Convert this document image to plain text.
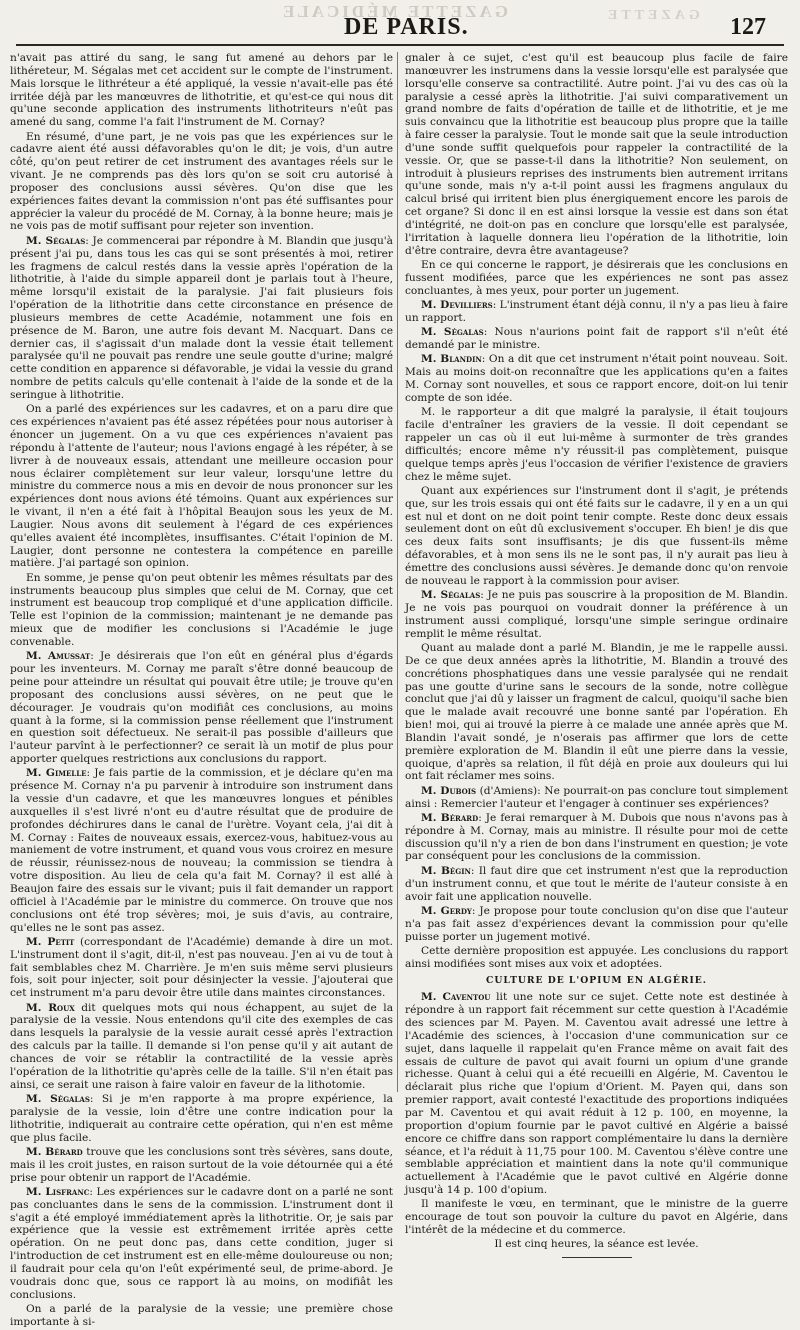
GAZETTE MÉDICALE	GAZETTE
DE PARIS.	127

n'avait pas attiré du sang, le sang fut amené au dehors par le lithéreteur, M. Ségalas met cet accident sur le compte de l'instrument. Mais lorsque le lithréteur a été appliqué, la vessie n'avait-elle pas été irritée déjà par les manœuvres de lithotritie, et qu'est-ce qui nous dit qu'une seconde application des instruments lithotriteurs n'eût pas amené du sang, comme l'a fait l'instrument de M. Cornay?

En résumé, d'une part, je ne vois pas que les expériences sur le cadavre aient été aussi défavorables qu'on le dit; je vois, d'un autre côté, qu'on peut retirer de cet instrument des avantages réels sur le vivant. Je ne comprends pas dès lors qu'on se soit cru autorisé à proposer des conclusions aussi sévères. Qu'on dise que les expériences faites devant la commission n'ont pas été suffisantes pour apprécier la valeur du procédé de M. Cornay, à la bonne heure; mais je ne vois pas de motif suffisant pour rejeter son invention.

M. Ségalas: Je commencerai par répondre à M. Blandin que jusqu'à présent j'ai pu, dans tous les cas qui se sont présentés à moi, retirer les fragmens de calcul restés dans la vessie après l'opération de la lithotritie, à l'aide du simple appareil dont je parlais tout à l'heure, même lorsqu'il existait de la paralysie. J'ai fait plusieurs fois l'opération de la lithotritie dans cette circonstance en présence de plusieurs membres de cette Académie, notamment une fois en présence de M. Baron, une autre fois devant M. Nacquart. Dans ce dernier cas, il s'agissait d'un malade dont la vessie était tellement paralysée qu'il ne pouvait pas rendre une seule goutte d'urine; malgré cette condition en apparence si défavorable, je vidai la vessie du grand nombre de petits calculs qu'elle contenait à l'aide de la sonde et de la seringue à lithotritie.

On a parlé des expériences sur les cadavres, et on a paru dire que ces expériences n'avaient pas été assez répétées pour nous autoriser à énoncer un jugement. On a vu que ces expériences n'avaient pas répondu à l'attente de l'auteur; nous l'avions engagé à les répéter, à se livrer à de nouveaux essais, attendant une meilleure occasion pour nous éclairer complètement sur leur valeur, lorsqu'une lettre du ministre du commerce nous a mis en devoir de nous prononcer sur les expériences dont nous avions été témoins. Quant aux expériences sur le vivant, il n'en a été fait à l'hôpital Beaujon sous les yeux de M. Laugier. Nous avons dit seulement à l'égard de ces expériences qu'elles avaient été incomplètes, insuffisantes. C'était l'opinion de M. Laugier, dont personne ne contestera la compétence en pareille matière. J'ai partagé son opinion.

En somme, je pense qu'on peut obtenir les mêmes résultats par des instruments beaucoup plus simples que celui de M. Cornay, que cet instrument est beaucoup trop compliqué et d'une application difficile. Telle est l'opinion de la commission; maintenant je ne demande pas mieux que de modifier les conclusions si l'Académie le juge convenable.

M. Amussat: Je désirerais que l'on eût en général plus d'égards pour les inventeurs. M. Cornay me paraît s'être donné beaucoup de peine pour atteindre un résultat qui pouvait être utile; je trouve qu'en proposant des conclusions aussi sévères, on ne peut que le décourager. Je voudrais qu'on modifiât ces conclusions, au moins quant à la forme, si la commission pense réellement que l'instrument en question soit défectueux. Ne serait-il pas possible d'ailleurs que l'auteur parvînt à le perfectionner? ce serait là un motif de plus pour apporter quelques restrictions aux conclusions du rapport.

M. Gimelle: Je fais partie de la commission, et je déclare qu'en ma présence M. Cornay n'a pu parvenir à introduire son instrument dans la vessie d'un cadavre, et que les manœuvres longues et pénibles auxquelles il s'est livré n'ont eu d'autre résultat que de produire de profondes déchirures dans le canal de l'urètre. Voyant cela, j'ai dit à M. Cornay : Faites de nouveaux essais, exercez-vous, habituez-vous au maniement de votre instrument, et quand vous vous croirez en mesure de réussir, réunissez-nous de nouveau; la commission se tiendra à votre disposition. Au lieu de cela qu'a fait M. Cornay? il est allé à Beaujon faire des essais sur le vivant; puis il fait demander un rapport officiel à l'Académie par le ministre du commerce. On trouve que nos conclusions ont été trop sévères; moi, je suis d'avis, au contraire, qu'elles ne le sont pas assez.

M. Petit (correspondant de l'Académie) demande à dire un mot. L'instrument dont il s'agit, dit-il, n'est pas nouveau. J'en ai vu de tout à fait semblables chez M. Charrière. Je m'en suis même servi plusieurs fois, soit pour injecter, soit pour désinjecter la vessie. J'ajouterai que cet instrument m'a paru devoir être utile dans maintes circonstances.

M. Roux dit quelques mots qui nous échappent, au sujet de la paralysie de la vessie. Nous entendons qu'il cite des exemples de cas dans lesquels la paralysie de la vessie aurait cessé après l'extraction des calculs par la taille. Il demande si l'on pense qu'il y ait autant de chances de voir se rétablir la contractilité de la vessie après l'opération de la lithotritie qu'après celle de la taille. S'il n'en était pas ainsi, ce serait une raison à faire valoir en faveur de la lithotomie.

M. Ségalas: Si je m'en rapporte à ma propre expérience, la paralysie de la vessie, loin d'être une contre indication pour la lithotritie, indiquerait au contraire cette opération, qui n'en est même que plus facile.

M. Bérard trouve que les conclusions sont très sévères, sans doute, mais il les croit justes, en raison surtout de la voie détournée qui a été prise pour obtenir un rapport de l'Académie.

M. Lisfranc: Les expériences sur le cadavre dont on a parlé ne sont pas concluantes dans le sens de la commission. L'instrument dont il s'agit a été employé immédiatement après la lithotritie. Or, je sais par expérience que la vessie est extrêmement irritée après cette opération. On ne peut donc pas, dans cette condition, juger si l'introduction de cet instrument est en elle-même douloureuse ou non; il faudrait pour cela qu'on l'eût expérimenté seul, de prime-abord. Je voudrais donc que, sous ce rapport là au moins, on modifiât les conclusions.

On a parlé de la paralysie de la vessie; une première chose importante à si-

gnaler à ce sujet, c'est qu'il est beaucoup plus facile de faire manœuvrer les instrumens dans la vessie lorsqu'elle est paralysée que lorsqu'elle conserve sa contractilité. Autre point. J'ai vu des cas où la paralysie a cessé après la lithotritie. J'ai suivi comparativement un grand nombre de faits d'opération de taille et de lithotritie, et je me suis convaincu que la lithotritie est beaucoup plus propre que la taille à faire cesser la paralysie. Tout le monde sait que la seule introduction d'une sonde suffit quelquefois pour rappeler la contractilité de la vessie. Or, que se passe-t-il dans la lithotritie? Non seulement, on introduit à plusieurs reprises des instruments bien autrement irritans qu'une sonde, mais n'y a-t-il point aussi les fragmens angulaux du calcul brisé qui irritent bien plus énergiquement encore les parois de cet organe? Si donc il en est ainsi lorsque la vessie est dans son état d'intégrité, ne doit-on pas en conclure que lorsqu'elle est paralysée, l'irritation à laquelle donnera lieu l'opération de la lithotritie, loin d'être contraire, devra être avantageuse?

En ce qui concerne le rapport, je désirerais que les conclusions en fussent modifiées, parce que les expériences ne sont pas assez concluantes, à mes yeux, pour porter un jugement.

M. Devilliers: L'instrument étant déjà connu, il n'y a pas lieu à faire un rapport.

M. Ségalas: Nous n'aurions point fait de rapport s'il n'eût été demandé par le ministre.

M. Blandin: On a dit que cet instrument n'était point nouveau. Soit. Mais au moins doit-on reconnaître que les applications qu'en a faites M. Cornay sont nouvelles, et sous ce rapport encore, doit-on lui tenir compte de son idée.

M. le rapporteur a dit que malgré la paralysie, il était toujours facile d'entraîner les graviers de la vessie. Il doit cependant se rappeler un cas où il eut lui-même à surmonter de très grandes difficultés; encore même n'y réussit-il pas complètement, puisque quelque temps après j'eus l'occasion de vérifier l'existence de graviers chez le même sujet.

Quant aux expériences sur l'instrument dont il s'agit, je prétends que, sur les trois essais qui ont été faits sur le cadavre, il y en a un qui est nul et dont on ne doit point tenir compte. Reste donc deux essais seulement dont on eût dû exclusivement s'occuper. Eh bien! je dis que ces deux faits sont insuffisants; je dis que fussent-ils même défavorables, et à mon sens ils ne le sont pas, il n'y aurait pas lieu à émettre des conclusions aussi sévères. Je demande donc qu'on renvoie de nouveau le rapport à la commission pour aviser.

M. Ségalas: Je ne puis pas souscrire à la proposition de M. Blandin. Je ne vois pas pourquoi on voudrait donner la préférence à un instrument aussi compliqué, lorsqu'une simple seringue ordinaire remplit le même résultat.

Quant au malade dont a parlé M. Blandin, je me le rappelle aussi. De ce que deux années après la lithotritie, M. Blandin a trouvé des concrétions phosphatiques dans une vessie paralysée qui ne rendait pas une goutte d'urine sans le secours de la sonde, notre collègue conclut que j'ai dû y laisser un fragment de calcul, quoiqu'il sache bien que le malade avait recouvré une bonne santé par l'opération. Eh bien! moi, qui ai trouvé la pierre à ce malade une année après que M. Blandin l'avait sondé, je n'oserais pas affirmer que lors de cette première exploration de M. Blandin il eût une pierre dans la vessie, quoique, d'après sa relation, il fût déjà en proie aux douleurs qui lui ont fait réclamer mes soins.

M. Dubois (d'Amiens): Ne pourrait-on pas conclure tout simplement ainsi : Remercier l'auteur et l'engager à continuer ses expériences?

M. Bérard: Je ferai remarquer à M. Dubois que nous n'avons pas à répondre à M. Cornay, mais au ministre. Il résulte pour moi de cette discussion qu'il n'y a rien de bon dans l'instrument en question; je vote par conséquent pour les conclusions de la commission.

M. Bégin: Il faut dire que cet instrument n'est que la reproduction d'un instrument connu, et que tout le mérite de l'auteur consiste à en avoir fait une application nouvelle.

M. Gerdy: Je propose pour toute conclusion qu'on dise que l'auteur n'a pas fait assez d'expériences devant la commission pour qu'elle puisse porter un jugement motivé.

Cette dernière proposition est appuyée. Les conclusions du rapport ainsi modifiées sont mises aux voix et adoptées.

CULTURE DE L'OPIUM EN ALGÉRIE.

M. Caventou lit une note sur ce sujet. Cette note est destinée à répondre à un rapport fait récemment sur cette question à l'Académie des sciences par M. Payen. M. Caventou avait adressé une lettre à l'Académie des sciences, à l'occasion d'une communication sur ce sujet, dans laquelle il rappelait qu'en France même on avait fait des essais de culture de pavot qui avait fourni un opium d'une grande richesse. Quant à celui qui a été recueilli en Algérie, M. Caventou le déclarait plus riche que l'opium d'Orient. M. Payen qui, dans son premier rapport, avait contesté l'exactitude des proportions indiquées par M. Caventou et qui avait réduit à 12 p. 100, en moyenne, la proportion d'opium fournie par le pavot cultivé en Algérie a baissé encore ce chiffre dans son rapport complémentaire lu dans la dernière séance, et l'a réduit à 11,75 pour 100. M. Caventou s'élève contre une semblable appréciation et maintient dans la note qu'il communique actuellement à l'Académie que le pavot cultivé en Algérie donne jusqu'à 14 p. 100 d'opium.

Il manifeste le vœu, en terminant, que le ministre de la guerre encourage de tout son pouvoir la culture du pavot en Algérie, dans l'intérêt de la médecine et du commerce.

Il est cinq heures, la séance est levée.
